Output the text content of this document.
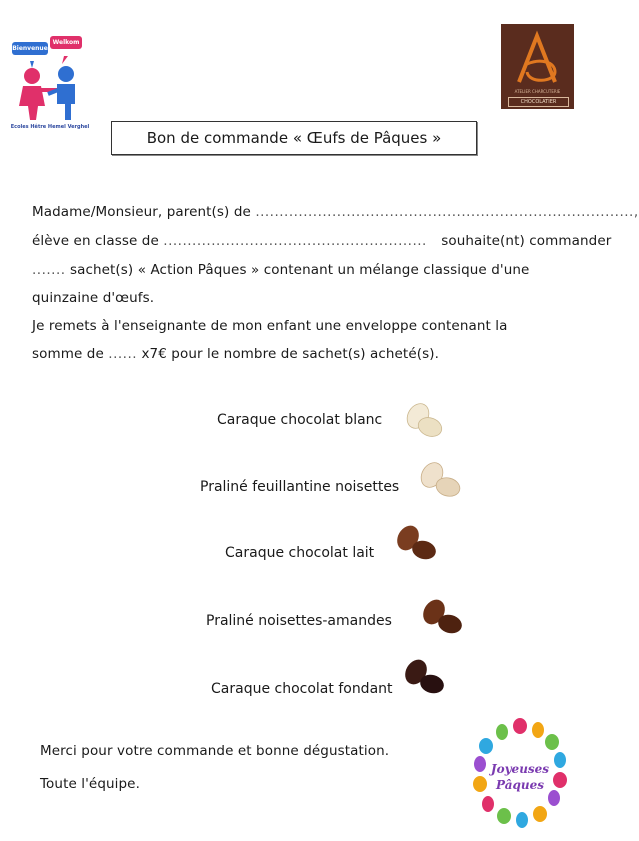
Bienvenue
Welkom
Ecoles Hêtre Hemel Verghel
ATELIER CHARCUTERIE
CHOCOLATIER
Bon de commande « Œufs de Pâques »
Madame/Monsieur, parent(s) de ...............................................................................,
élève en classe de ....................................................... souhaite(nt) commander
....... sachet(s) « Action Pâques » contenant un mélange classique d'une
quinzaine d'œufs.
Je remets à l'enseignante de mon enfant une enveloppe contenant la
somme de ...... x7€ pour le nombre de sachet(s) acheté(s).
Caraque chocolat blanc
Praliné feuillantine noisettes
Caraque chocolat lait
Praliné noisettes-amandes
Caraque chocolat fondant
Merci pour votre commande et bonne dégustation.
Toute l'équipe.
Joyeuses
Pâques
